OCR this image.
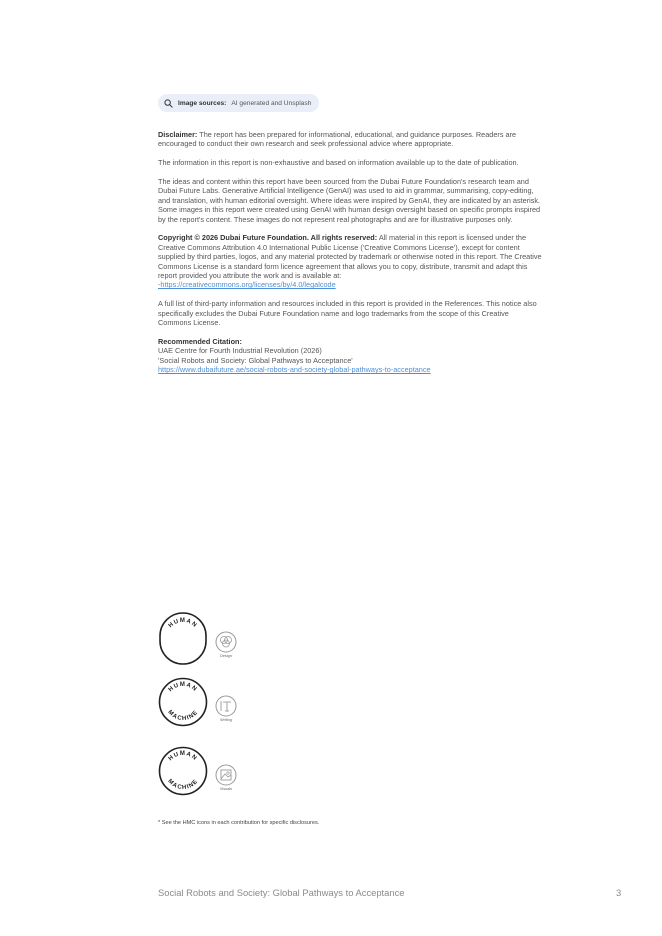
Image sources: AI generated and Unsplash

Disclaimer: The report has been prepared for informational, educational, and guidance purposes. Readers are encouraged to conduct their own research and seek professional advice where appropriate.

The information in this report is non-exhaustive and based on information available up to the date of publication.

The ideas and content within this report have been sourced from the Dubai Future Foundation's research team and Dubai Future Labs. Generative Artificial Intelligence (GenAI) was used to aid in grammar, summarising, copy-editing, and translation, with human editorial oversight. Where ideas were inspired by GenAI, they are indicated by an asterisk. Some images in this report were created using GenAI with human design oversight based on specific prompts inspired by the report's content. These images do not represent real photographs and are for illustrative purposes only.

Copyright © 2026 Dubai Future Foundation. All rights reserved: All material in this report is licensed under the Creative Commons Attribution 4.0 International Public License ('Creative Commons License'), except for content supplied by third parties, logos, and any material protected by trademark or otherwise noted in this report. The Creative Commons License is a standard form licence agreement that allows you to copy, distribute, transmit and adapt this report provided you attribute the work and is available at:
-https://creativecommons.org/licenses/by/4.0/legalcode

A full list of third-party information and resources included in this report is provided in the References. This notice also specifically excludes the Dubai Future Foundation name and logo trademarks from the scope of this Creative Commons License.

Recommended Citation:
UAE Centre for Fourth Industrial Revolution (2026)
'Social Robots and Society: Global Pathways to Acceptance'
https://www.dubaifuture.ae/social-robots-and-society-global-pathways-to-acceptance

HUMAN
Design
HUMAN
MACHINE
Writing
HUMAN
MACHINE
Visuals
* See the HMC icons in each contribution for specific disclosures.
Social Robots and Society: Global Pathways to Acceptance	3
